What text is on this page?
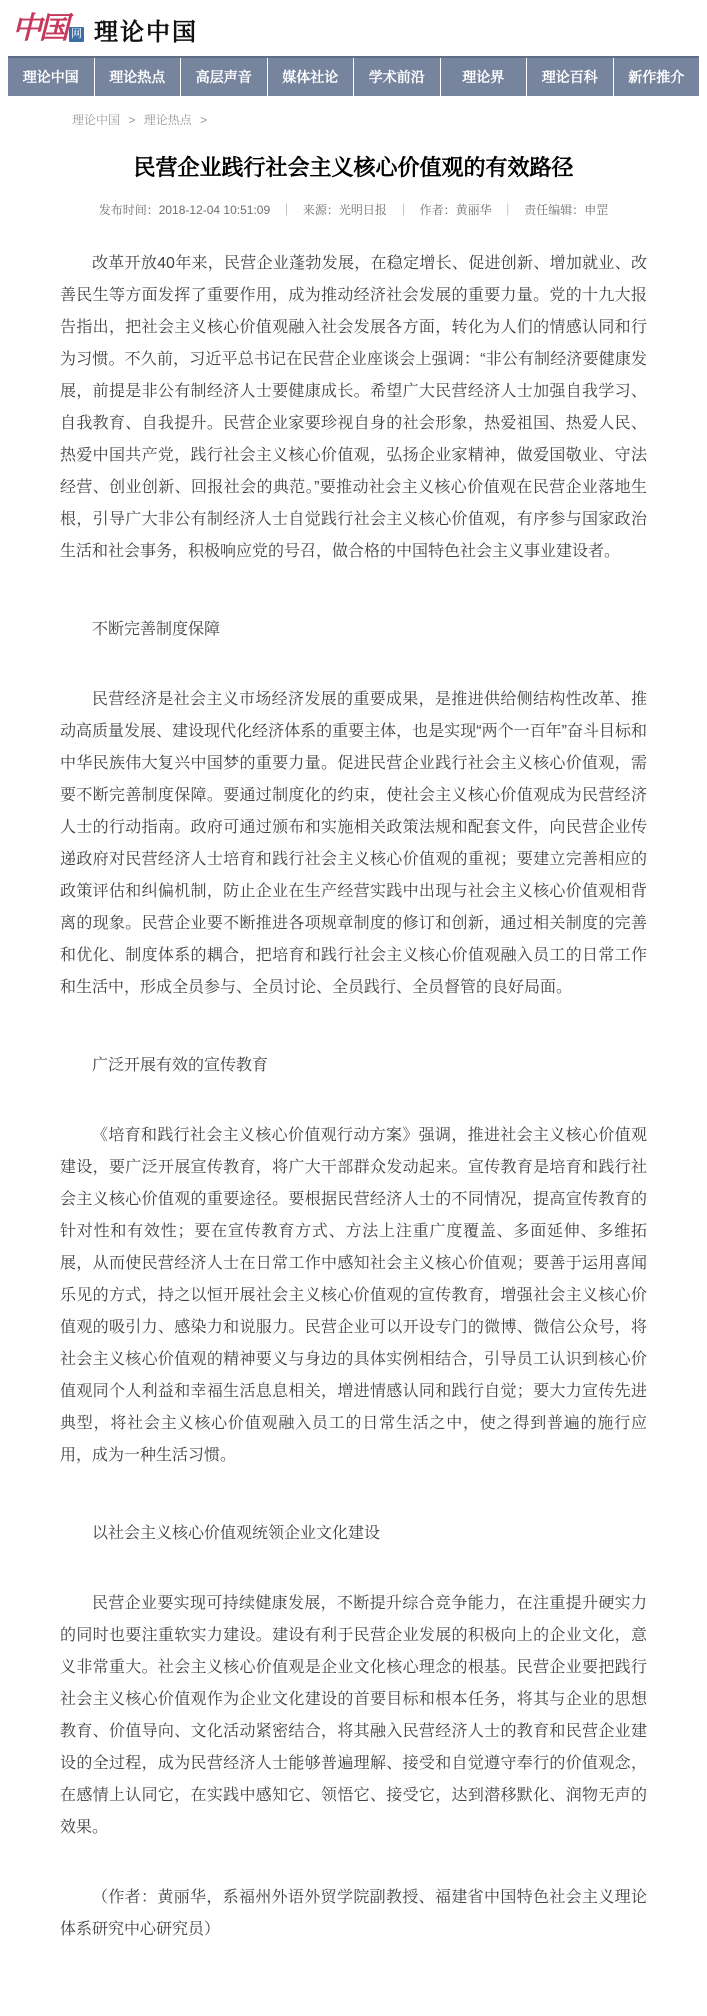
中国 网 理论中国
理论中国	理论热点	高层声音	媒体社论	学术前沿	理论界	理论百科	新作推介
理论中国 > 理论热点 >
民营企业践行社会主义核心价值观的有效路径
发布时间：2018-12-04 10:51:09 ｜ 来源：光明日报 ｜ 作者：黄丽华 ｜ 责任编辑：申罡

改革开放40年来，民营企业蓬勃发展，在稳定增长、促进创新、增加就业、改善民生等方面发挥了重要作用，成为推动经济社会发展的重要力量。党的十九大报告指出，把社会主义核心价值观融入社会发展各方面，转化为人们的情感认同和行为习惯。不久前，习近平总书记在民营企业座谈会上强调：“非公有制经济要健康发展，前提是非公有制经济人士要健康成长。希望广大民营经济人士加强自我学习、自我教育、自我提升。民营企业家要珍视自身的社会形象，热爱祖国、热爱人民、热爱中国共产党，践行社会主义核心价值观，弘扬企业家精神，做爱国敬业、守法经营、创业创新、回报社会的典范。”要推动社会主义核心价值观在民营企业落地生根，引导广大非公有制经济人士自觉践行社会主义核心价值观，有序参与国家政治生活和社会事务，积极响应党的号召，做合格的中国特色社会主义事业建设者。

不断完善制度保障

民营经济是社会主义市场经济发展的重要成果，是推进供给侧结构性改革、推动高质量发展、建设现代化经济体系的重要主体，也是实现“两个一百年”奋斗目标和中华民族伟大复兴中国梦的重要力量。促进民营企业践行社会主义核心价值观，需要不断完善制度保障。要通过制度化的约束，使社会主义核心价值观成为民营经济人士的行动指南。政府可通过颁布和实施相关政策法规和配套文件，向民营企业传递政府对民营经济人士培育和践行社会主义核心价值观的重视；要建立完善相应的政策评估和纠偏机制，防止企业在生产经营实践中出现与社会主义核心价值观相背离的现象。民营企业要不断推进各项规章制度的修订和创新，通过相关制度的完善和优化、制度体系的耦合，把培育和践行社会主义核心价值观融入员工的日常工作和生活中，形成全员参与、全员讨论、全员践行、全员督管的良好局面。

广泛开展有效的宣传教育

《培育和践行社会主义核心价值观行动方案》强调，推进社会主义核心价值观建设，要广泛开展宣传教育，将广大干部群众发动起来。宣传教育是培育和践行社会主义核心价值观的重要途径。要根据民营经济人士的不同情况，提高宣传教育的针对性和有效性；要在宣传教育方式、方法上注重广度覆盖、多面延伸、多维拓展，从而使民营经济人士在日常工作中感知社会主义核心价值观；要善于运用喜闻乐见的方式，持之以恒开展社会主义核心价值观的宣传教育，增强社会主义核心价值观的吸引力、感染力和说服力。民营企业可以开设专门的微博、微信公众号，将社会主义核心价值观的精神要义与身边的具体实例相结合，引导员工认识到核心价值观同个人利益和幸福生活息息相关，增进情感认同和践行自觉；要大力宣传先进典型，将社会主义核心价值观融入员工的日常生活之中，使之得到普遍的施行应用，成为一种生活习惯。

以社会主义核心价值观统领企业文化建设

民营企业要实现可持续健康发展，不断提升综合竞争能力，在注重提升硬实力的同时也要注重软实力建设。建设有利于民营企业发展的积极向上的企业文化，意义非常重大。社会主义核心价值观是企业文化核心理念的根基。民营企业要把践行社会主义核心价值观作为企业文化建设的首要目标和根本任务，将其与企业的思想教育、价值导向、文化活动紧密结合，将其融入民营经济人士的教育和民营企业建设的全过程，成为民营经济人士能够普遍理解、接受和自觉遵守奉行的价值观念，在感情上认同它，在实践中感知它、领悟它、接受它，达到潜移默化、润物无声的效果。

（作者：黄丽华，系福州外语外贸学院副教授、福建省中国特色社会主义理论体系研究中心研究员）
